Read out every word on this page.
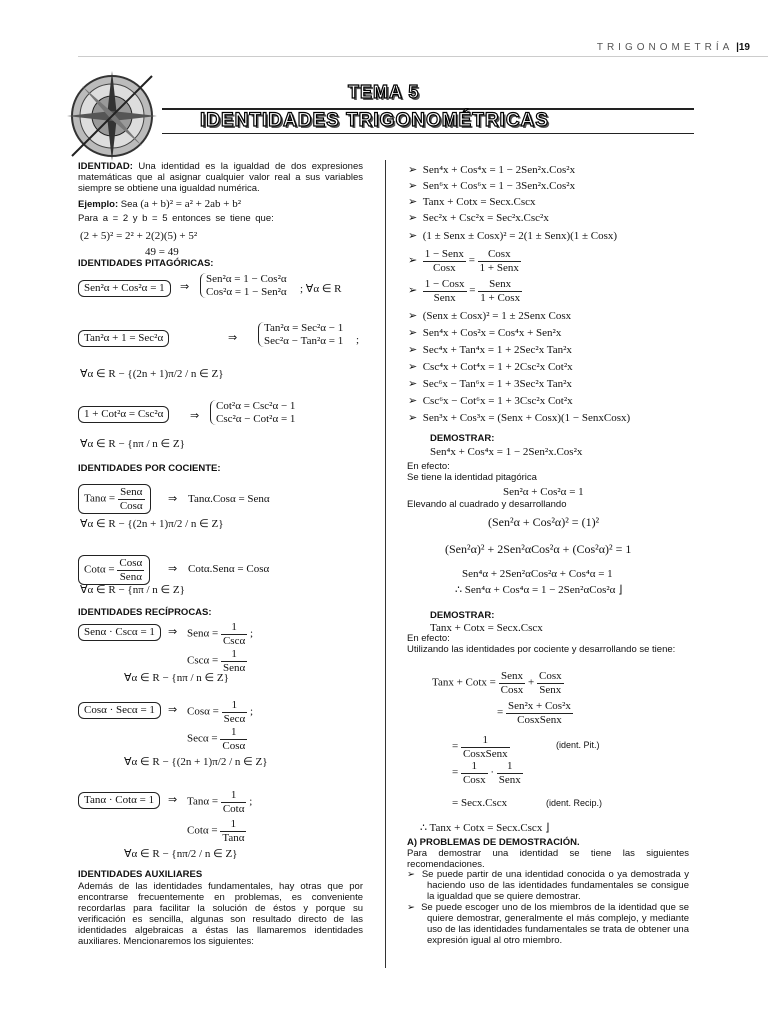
TRIGONOMETRÍA |19
TEMA 5
IDENTIDADES TRIGONOMÉTRICAS
IDENTIDAD: Una identidad es la igualdad de dos expresiones matemáticas que al asignar cualquier valor real a sus variables siempre se obtiene una igualdad numérica.
Ejemplo: Sea (a + b)² = a² + 2ab + b²
Para a = 2 y b = 5 entonces se tiene que:
(2 + 5)² = 2² + 2(2)(5) + 5²
49 = 49
IDENTIDADES PITAGÓRICAS:
Sen²α + Cos²α = 1	⇒
Sen²α = 1 − Cos²α
Cos²α = 1 − Sen²α ; ∀α ∈ R
Tan²α + 1 = Sec²α	⇒
Tan²α = Sec²α − 1
Sec²α − Tan²α = 1 ;
∀α ∈ R − {(2n + 1)π/2 / n ∈ Z}
1 + Cot²α = Csc²α	⇒
Cot²α = Csc²α − 1
Csc²α − Cot²α = 1
∀α ∈ R − {nπ / n ∈ Z}
IDENTIDADES POR COCIENTE:
$Tan\alpha = \frac{\text{Senα}}{\text{Cosα}}$ ⇒ Tanα.Cosα = Senα
∀α ∈ R − {(2n + 1)π/2 / n ∈ Z}
$Cot\alpha = \frac{\text{Cosα}}{\text{Senα}}$ ⇒ Cotα.Senα = Cosα
∀α ∈ R − {nπ / n ∈ Z}
IDENTIDADES RECÍPROCAS:
Senα · Cscα = 1	⇒ $Sen\alpha = \frac{1}{\text{Cscα}}$ ;
$Csc\alpha = \frac{1}{\text{Senα}}$
∀α ∈ R − {nπ / n ∈ Z}
Cosα · Secα = 1	⇒ $Cos\alpha = \frac{1}{\text{Secα}}$ ;
$Sec\alpha = \frac{1}{\text{Cosα}}$
∀α ∈ R − {(2n + 1)π/2 / n ∈ Z}
Tanα · Cotα = 1	⇒ $Tan\alpha = \frac{1}{\text{Cotα}}$ ;
$Cot\alpha = \frac{1}{\text{Tanα}}$
∀α ∈ R − {nπ/2 / n ∈ Z}
IDENTIDADES AUXILIARES
Además de las identidades fundamentales, hay otras que por encontrarse frecuentemente en problemas, es conveniente recordarlas para facilitar la solución de éstos y porque su verificación es sencilla, algunas son resultado directo de las identidades algebraicas a éstas las llamaremos identidades auxiliares. Mencionaremos los siguientes:
➢ Sen⁴x + Cos⁴x = 1 − 2Sen²x.Cos²x
➢ Sen⁶x + Cos⁶x = 1 − 3Sen²x.Cos²x
➢ Tanx + Cotx = Secx.Cscx
➢ Sec²x + Csc²x = Sec²x.Csc²x
➢ (1 ± Senx ± Cosx)² = 2(1 ± Senx)(1 ± Cosx)
➢ $\frac{\text{1 − Senx}}{\text{Cosx}} = \frac{\text{Cosx}}{\text{1 + Senx}}$
➢ $\frac{\text{1 − Cosx}}{\text{Senx}} = \frac{\text{Senx}}{\text{1 + Cosx}}$
➢ (Senx ± Cosx)² = 1 ± 2Senx Cosx
➢ Sen⁴x + Cos²x = Cos⁴x + Sen²x
➢ Sec⁴x + Tan⁴x = 1 + 2Sec²x Tan²x
➢ Csc⁴x + Cot⁴x = 1 + 2Csc²x Cot²x
➢ Sec⁶x − Tan⁶x = 1 + 3Sec²x Tan²x
➢ Csc⁶x − Cot⁶x = 1 + 3Csc²x Cot²x
➢ Sen³x + Cos³x = (Senx + Cosx)(1 − SenxCosx)
DEMOSTRAR:
Sen⁴x + Cos⁴x = 1 − 2Sen²x.Cos²x
En efecto:
Se tiene la identidad pitagórica
Sen²α + Cos²α = 1
Elevando al cuadrado y desarrollando
(Sen²α + Cos²α)² = (1)²
(Sen²α)² + 2Sen²αCos²α + (Cos²α)² = 1
Sen⁴α + 2Sen²αCos²α + Cos⁴α = 1
∴ Sen⁴α + Cos⁴α = 1 − 2Sen²αCos²α ⌋
DEMOSTRAR:
Tanx + Cotx = Secx.Cscx
En efecto:
Utilizando las identidades por cociente y desarrollando se tiene:
Tanx + Cotx = $\frac{\text{Senx}}{\text{Cosx}} + \frac{\text{Cosx}}{\text{Senx}}$
= $\frac{\text{Sen²x + Cos²x}}{\text{CosxSenx}}$
= $\frac{1}{\text{CosxSenx}}$	(ident. Pit.)
= $\frac{1}{\text{Cosx}} \cdot \frac{1}{\text{Senx}}$
= Secx.Cscx	(ident. Recip.)
∴ Tanx + Cotx = Secx.Cscx ⌋
A) PROBLEMAS DE DEMOSTRACIÓN.
Para demostrar una identidad se tiene las siguientes recomendaciones.
➢ Se puede partir de una identidad conocida o ya demostrada y haciendo uso de las identidades fundamentales se consigue la igualdad que se quiere demostrar.
➢ Se puede escoger uno de los miembros de la identidad que se quiere demostrar, generalmente el más complejo, y mediante uso de las identidades fundamentales se trata de obtener una expresión igual al otro miembro.
